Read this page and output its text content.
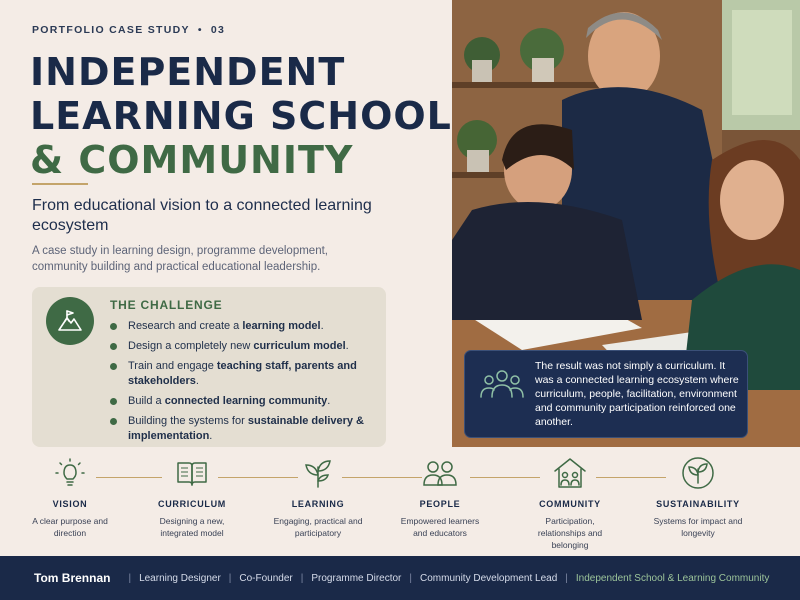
PORTFOLIO CASE STUDY • 03
INDEPENDENT
LEARNING SCHOOL
& COMMUNITY

From educational vision to a connected learning ecosystem

A case study in learning design, programme development, community building and practical educational leadership.

THE CHALLENGE
Research and create a learning model.
Design a completely new curriculum model.
Train and engage teaching staff, parents and stakeholders.
Build a connected learning community.
Building the systems for sustainable delivery & implementation.

The result was not simply a curriculum. It was a connected learning ecosystem where curriculum, people, facilitation, environment and community participation reinforced one another.

VISION
A clear purpose and direction
CURRICULUM
Designing a new, integrated model
LEARNING
Engaging, practical and participatory
PEOPLE
Empowered learners and educators
COMMUNITY
Participation, relationships and belonging
SUSTAINABILITY
Systems for impact and longevity
Tom Brennan | Learning Designer | Co-Founder | Programme Director | Community Development Lead | Independent School & Learning Community
